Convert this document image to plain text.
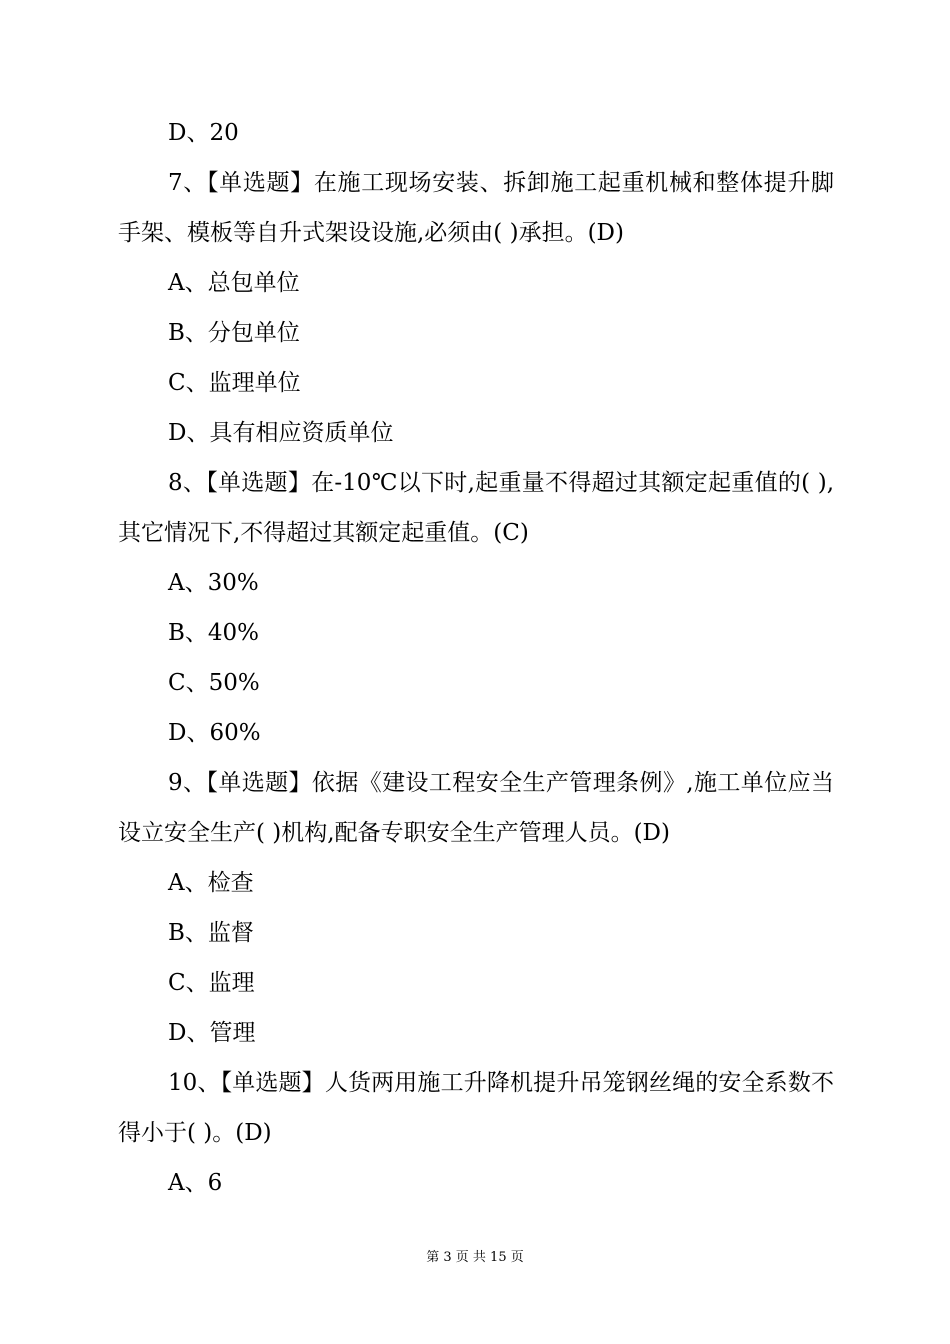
D、20
7、【单选题】在施工现场安装、拆卸施工起重机械和整体提升脚手架、模板等自升式架设设施,必须由( )承担。(D)
A、总包单位
B、分包单位
C、监理单位
D、具有相应资质单位
8、【单选题】在-10℃以下时,起重量不得超过其额定起重值的( ),其它情况下,不得超过其额定起重值。(C)
A、30%
B、40%
C、50%
D、60%
9、【单选题】依据《建设工程安全生产管理条例》,施工单位应当设立安全生产( )机构,配备专职安全生产管理人员。(D)
A、检查
B、监督
C、监理
D、管理
10、【单选题】人货两用施工升降机提升吊笼钢丝绳的安全系数不得小于( )。(D)
A、6
第 3 页 共 15 页
